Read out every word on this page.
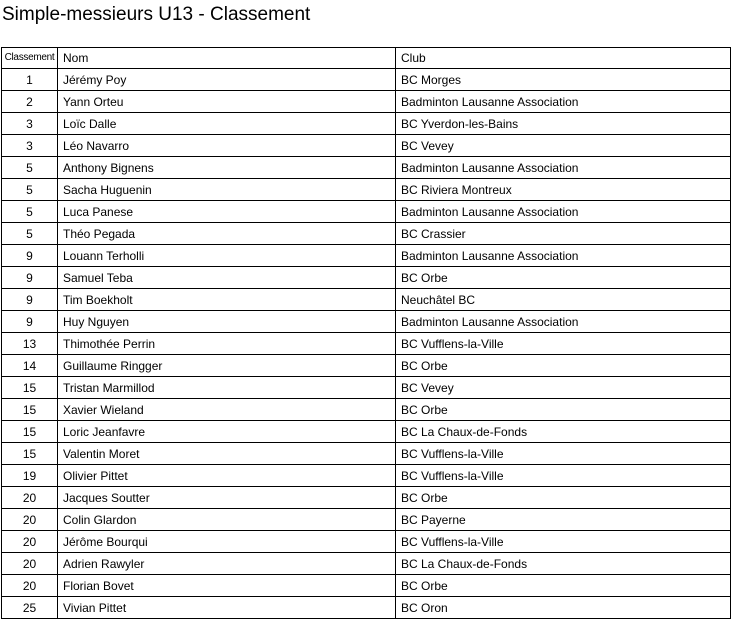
Simple-messieurs U13 - Classement
Classement	Nom	Club
1	Jérémy Poy	BC Morges
2	Yann Orteu	Badminton Lausanne Association
3	Loïc Dalle	BC Yverdon-les-Bains
3	Léo Navarro	BC Vevey
5	Anthony Bignens	Badminton Lausanne Association
5	Sacha Huguenin	BC Riviera Montreux
5	Luca Panese	Badminton Lausanne Association
5	Théo Pegada	BC Crassier
9	Louann Terholli	Badminton Lausanne Association
9	Samuel Teba	BC Orbe
9	Tim Boekholt	Neuchâtel BC
9	Huy Nguyen	Badminton Lausanne Association
13	Thimothée Perrin	BC Vufflens-la-Ville
14	Guillaume Ringger	BC Orbe
15	Tristan Marmillod	BC Vevey
15	Xavier Wieland	BC Orbe
15	Loric Jeanfavre	BC La Chaux-de-Fonds
15	Valentin Moret	BC Vufflens-la-Ville
19	Olivier Pittet	BC Vufflens-la-Ville
20	Jacques Soutter	BC Orbe
20	Colin Glardon	BC Payerne
20	Jérôme Bourqui	BC Vufflens-la-Ville
20	Adrien Rawyler	BC La Chaux-de-Fonds
20	Florian Bovet	BC Orbe
25	Vivian Pittet	BC Oron
